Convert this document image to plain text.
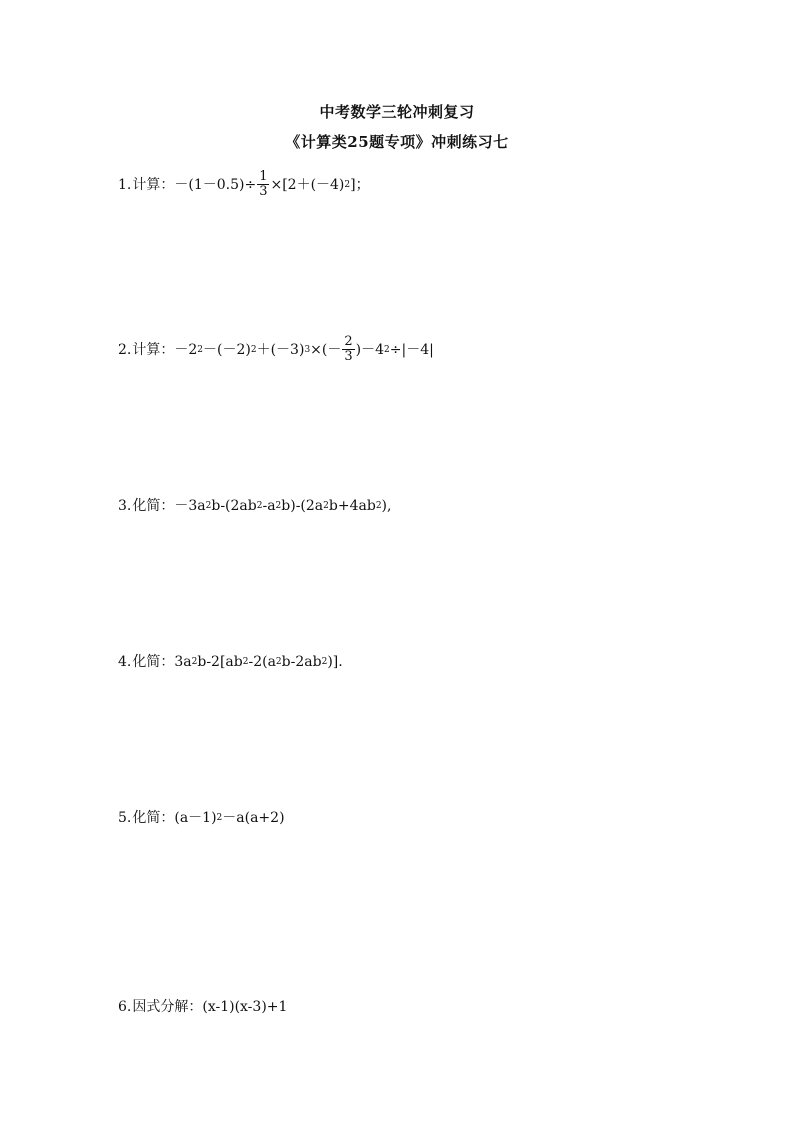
中考数学三轮冲刺复习
《计算类25题专项》冲刺练习七
1. 计算： $-(1-0.5)\div \frac{1}{3} \times[2+(-4)$ 2 ]；
2. 计算： －2 2 －(－2) 2 ＋(－3) 3 ×(－ $\frac{2}{3} )-4$ 2 ÷|－4|
3. 化简： －3a 2 b-(2ab 2 -a 2 b)-(2a 2 b+4ab 2 ),
4. 化简： 3a 2 b-2[ab 2 -2(a 2 b-2ab 2 )].
5. 化简： (a－1) 2 －a(a+2)
6. 因式分解： (x-1)(x-3)+1
